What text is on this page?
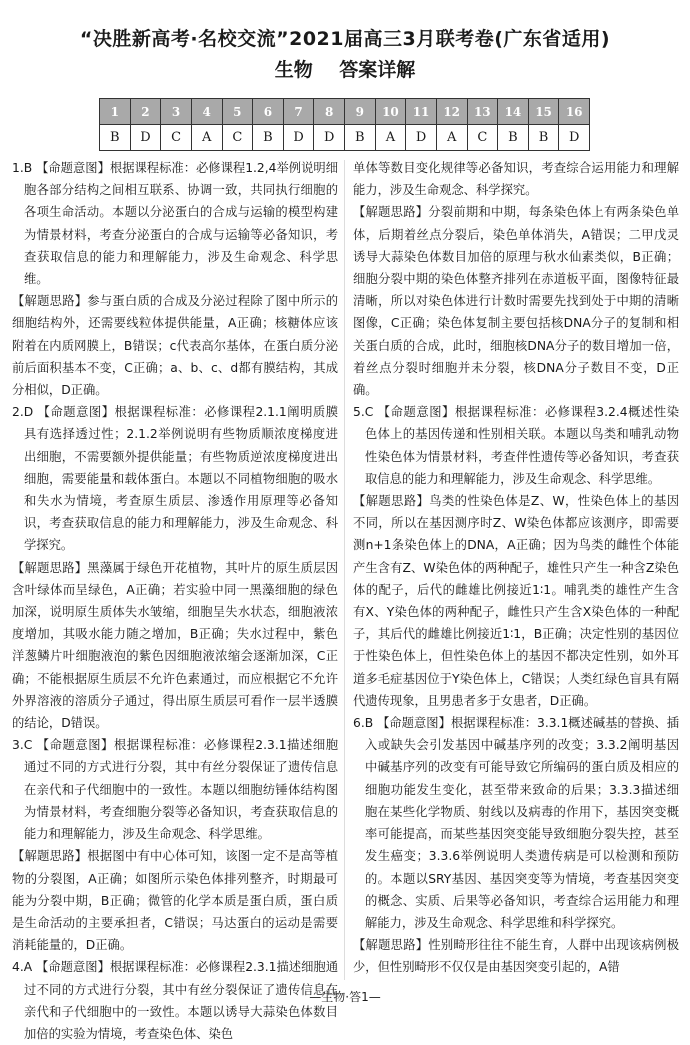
“决胜新高考·名校交流”2021届高三3月联考卷(广东省适用)
生物    答案详解
1	2	3	4	5	6	7	8	9	10	11	12	13	14	15	16
B	D	C	A	C	B	D	D	B	A	D	A	C	B	B	D

1.B 【命题意图】根据课程标准：必修课程1.2,4举例说明细胞各部分结构之间相互联系、协调一致，共同执行细胞的各项生命活动。本题以分泌蛋白的合成与运输的模型构建为情景材料，考查分泌蛋白的合成与运输等必备知识，考查获取信息的能力和理解能力，涉及生命观念、科学思维。

【解题思路】参与蛋白质的合成及分泌过程除了图中所示的细胞结构外，还需要线粒体提供能量，A正确；核糖体应该附着在内质网膜上，B错误；c代表高尔基体，在蛋白质分泌前后面积基本不变，C正确；a、b、c、d都有膜结构，其成分相似，D正确。

2.D 【命题意图】根据课程标准：必修课程2.1.1阐明质膜具有选择透过性；2.1.2举例说明有些物质顺浓度梯度进出细胞，不需要额外提供能量；有些物质逆浓度梯度进出细胞，需要能量和载体蛋白。本题以不同植物细胞的吸水和失水为情境，考查原生质层、渗透作用原理等必备知识，考查获取信息的能力和理解能力，涉及生命观念、科学探究。

【解题思路】黑藻属于绿色开花植物，其叶片的原生质层因含叶绿体而呈绿色，A正确；若实验中同一黑藻细胞的绿色加深，说明原生质体失水皱缩，细胞呈失水状态，细胞液浓度增加，其吸水能力随之增加，B正确；失水过程中，紫色洋葱鳞片叶细胞液泡的紫色因细胞液浓缩会逐渐加深，C正确；不能根据原生质层不允许色素通过，而应根据它不允许外界溶液的溶质分子通过，得出原生质层可看作一层半透膜的结论，D错误。

3.C 【命题意图】根据课程标准：必修课程2.3.1描述细胞通过不同的方式进行分裂，其中有丝分裂保证了遗传信息在亲代和子代细胞中的一致性。本题以细胞纺锤体结构图为情景材料，考查细胞分裂等必备知识，考查获取信息的能力和理解能力，涉及生命观念、科学思维。

【解题思路】根据图中有中心体可知，该图一定不是高等植物的分裂图，A正确；如图所示染色体排列整齐，时期最可能为分裂中期，B正确；微管的化学本质是蛋白质，蛋白质是生命活动的主要承担者，C错误；马达蛋白的运动是需要消耗能量的，D正确。

4.A 【命题意图】根据课程标准：必修课程2.3.1描述细胞通过不同的方式进行分裂，其中有丝分裂保证了遗传信息在亲代和子代细胞中的一致性。本题以诱导大蒜染色体数目加倍的实验为情境，考查染色体、染色

单体等数目变化规律等必备知识，考查综合运用能力和理解能力，涉及生命观念、科学探究。

【解题思路】分裂前期和中期，每条染色体上有两条染色单体，后期着丝点分裂后，染色单体消失，A错误；二甲戊灵诱导大蒜染色体数目加倍的原理与秋水仙素类似，B正确；细胞分裂中期的染色体整齐排列在赤道板平面，图像特征最清晰，所以对染色体进行计数时需要先找到处于中期的清晰图像，C正确；染色体复制主要包括核DNA分子的复制和相关蛋白质的合成，此时，细胞核DNA分子的数目增加一倍，着丝点分裂时细胞并未分裂，核DNA分子数目不变，D正确。

5.C 【命题意图】根据课程标准：必修课程3.2.4概述性染色体上的基因传递和性别相关联。本题以鸟类和哺乳动物性染色体为情景材料，考查伴性遗传等必备知识，考查获取信息的能力和理解能力，涉及生命观念、科学思维。

【解题思路】鸟类的性染色体是Z、W，性染色体上的基因不同，所以在基因测序时Z、W染色体都应该测序，即需要测n+1条染色体上的DNA，A正确；因为鸟类的雌性个体能产生含有Z、W染色体的两种配子，雄性只产生一种含Z染色体的配子，后代的雌雄比例接近1∶1。哺乳类的雄性产生含有X、Y染色体的两种配子，雌性只产生含X染色体的一种配子，其后代的雌雄比例接近1∶1，B正确；决定性别的基因位于性染色体上，但性染色体上的基因不都决定性别，如外耳道多毛症基因位于Y染色体上，C错误；人类红绿色盲具有隔代遗传现象，且男患者多于女患者，D正确。

6.B 【命题意图】根据课程标准：3.3.1概述碱基的替换、插入或缺失会引发基因中碱基序列的改变；3.3.2阐明基因中碱基序列的改变有可能导致它所编码的蛋白质及相应的细胞功能发生变化，甚至带来致命的后果；3.3.3描述细胞在某些化学物质、射线以及病毒的作用下，基因突变概率可能提高，而某些基因突变能导致细胞分裂失控，甚至发生癌变；3.3.6举例说明人类遗传病是可以检测和预防的。本题以SRY基因、基因突变等为情境，考查基因突变的概念、实质、后果等必备知识，考查综合运用能力和理解能力，涉及生命观念、科学思维和科学探究。

【解题思路】性别畸形往往不能生育，人群中出现该病例极少，但性别畸形不仅仅是由基因突变引起的，A错

—生物·答1—
